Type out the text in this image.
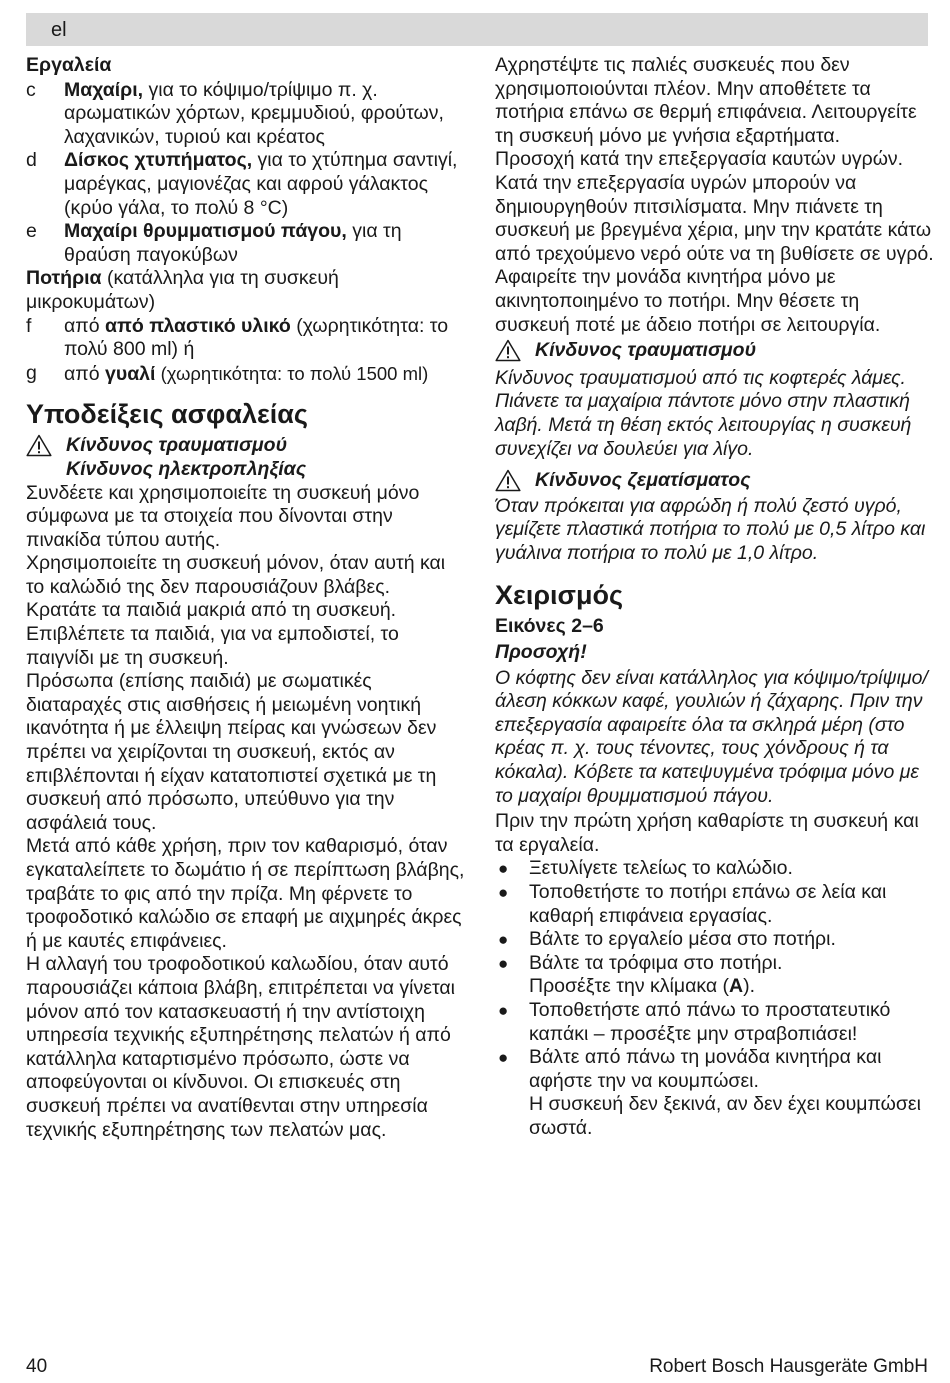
el
Εργαλεία
c	Μαχαίρι, για το κόψιμο/τρίψιμο π. χ. αρωματικών χόρτων, κρεμμυδιού, φρούτων, λαχανικών, τυριού και κρέατος
d	Δίσκος χτυπήματος, για το χτύπημα σαντιγί, μαρέγκας, μαγιονέζας και αφρού γάλακτος (κρύο γάλα, το πολύ 8 °C)
e	Μαχαίρι θρυμματισμού πάγου, για τη θραύση παγοκύβων
Ποτήρια (κατάλληλα για τη συσκευή μικροκυμάτων)
f	από από πλαστικό υλικό (χωρητικότητα: το πολύ 800 ml) ή
g	από γυαλί (χωρητικότητα: το πολύ 1500 ml)
Υποδείξεις ασφαλείας
Κίνδυνος τραυματισμού
Κίνδυνος ηλεκτροπληξίας

Συνδέετε και χρησιμοποιείτε τη συσκευή μόνο σύμφωνα με τα στοιχεία που δίνονται στην πινακίδα τύπου αυτής.

Χρησιμοποιείτε τη συσκευή μόνον, όταν αυτή και το καλώδιό της δεν παρουσιάζουν βλάβες.

Κρατάτε τα παιδιά μακριά από τη συσκευή. Επιβλέπετε τα παιδιά, για να εμποδιστεί, το παιγνίδι με τη συσκευή.

Πρόσωπα (επίσης παιδιά) με σωματικές διαταραχές στις αισθήσεις ή μειωμένη νοητική ικανότητα ή με έλλειψη πείρας και γνώσεων δεν πρέπει να χειρίζονται τη συσκευή, εκτός αν επιβλέπονται ή είχαν κατατοπιστεί σχετικά με τη συσκευή από πρόσωπο, υπεύθυνο για την ασφάλειά τους.

Μετά από κάθε χρήση, πριν τον καθαρισμό, όταν εγκαταλείπετε το δωμάτιο ή σε περίπτωση βλάβης, τραβάτε το φις από την πρίζα. Μη φέρνετε το τροφοδοτικό καλώδιο σε επαφή με αιχμηρές άκρες ή με καυτές επιφάνειες.

Η αλλαγή του τροφοδοτικού καλωδίου, όταν αυτό παρουσιάζει κάποια βλάβη, επιτρέπεται να γίνεται μόνον από τον κατασκευαστή ή την αντίστοιχη υπηρεσία τεχνικής εξυπηρέτησης πελατών ή από κατάλληλα καταρτισμένο πρόσωπο, ώστε να αποφεύγονται οι κίνδυνοι. Οι επισκευές στη συσκευή πρέπει να ανατίθενται στην υπηρεσία τεχνικής εξυπηρέτησης των πελατών μας.

Αχρηστέψτε τις παλιές συσκευές που δεν χρησιμοποιούνται πλέον. Μην αποθέτετε τα ποτήρια επάνω σε θερμή επιφάνεια. Λειτουργείτε τη συσκευή μόνο με γνήσια εξαρτήματα.

Προσοχή κατά την επεξεργασία καυτών υγρών. Κατά την επεξεργασία υγρών μπορούν να δημιουργηθούν πιτσιλίσματα. Μην πιάνετε τη συσκευή με βρεγμένα χέρια, μην την κρατάτε κάτω από τρεχούμενο νερό ούτε να τη βυθίσετε σε υγρό. Αφαιρείτε την μονάδα κινητήρα μόνο με ακινητοποιημένο το ποτήρι. Μην θέσετε τη συσκευή ποτέ με άδειο ποτήρι σε λειτουργία.

Κίνδυνος τραυματισμού

Κίνδυνος τραυματισμού από τις κοφτερές λάμες. Πιάνετε τα μαχαίρια πάντοτε μόνο στην πλαστική λαβή. Μετά τη θέση εκτός λειτουργίας η συσκευή συνεχίζει να δουλεύει για λίγο.

Κίνδυνος ζεματίσματος

Όταν πρόκειται για αφρώδη ή πολύ ζεστό υγρό, γεμίζετε πλαστικά ποτήρια το πολύ με 0,5 λίτρο και γυάλινα ποτήρια το πολύ με 1,0 λίτρο.

Χειρισμός
Εικόνες 2–6
Προσοχή!

Ο κόφτης δεν είναι κατάλληλος για κόψιμο/τρίψιμο/άλεση κόκκων καφέ, γουλιών ή ζάχαρης. Πριν την επεξεργασία αφαιρείτε όλα τα σκληρά μέρη (στο κρέας π. χ. τους τένοντες, τους χόνδρους ή τα κόκαλα). Κόβετε τα κατεψυγμένα τρόφιμα μόνο με το μαχαίρι θρυμματισμού πάγου.

Πριν την πρώτη χρήση καθαρίστε τη συσκευή και τα εργαλεία.

●
Ξετυλίγετε τελείως το καλώδιο.
●
Τοποθετήστε το ποτήρι επάνω σε λεία και καθαρή επιφάνεια εργασίας.
●
Βάλτε το εργαλείο μέσα στο ποτήρι.
●
Βάλτε τα τρόφιμα στο ποτήρι.
Προσέξτε την κλίμακα (A).
●
Τοποθετήστε από πάνω το προστατευτικό καπάκι – προσέξτε μην στραβοπιάσει!
●
Βάλτε από πάνω τη μονάδα κινητήρα και αφήστε την να κουμπώσει.
Η συσκευή δεν ξεκινά, αν δεν έχει κουμπώσει σωστά.
40	Robert Bosch Hausgeräte GmbH
